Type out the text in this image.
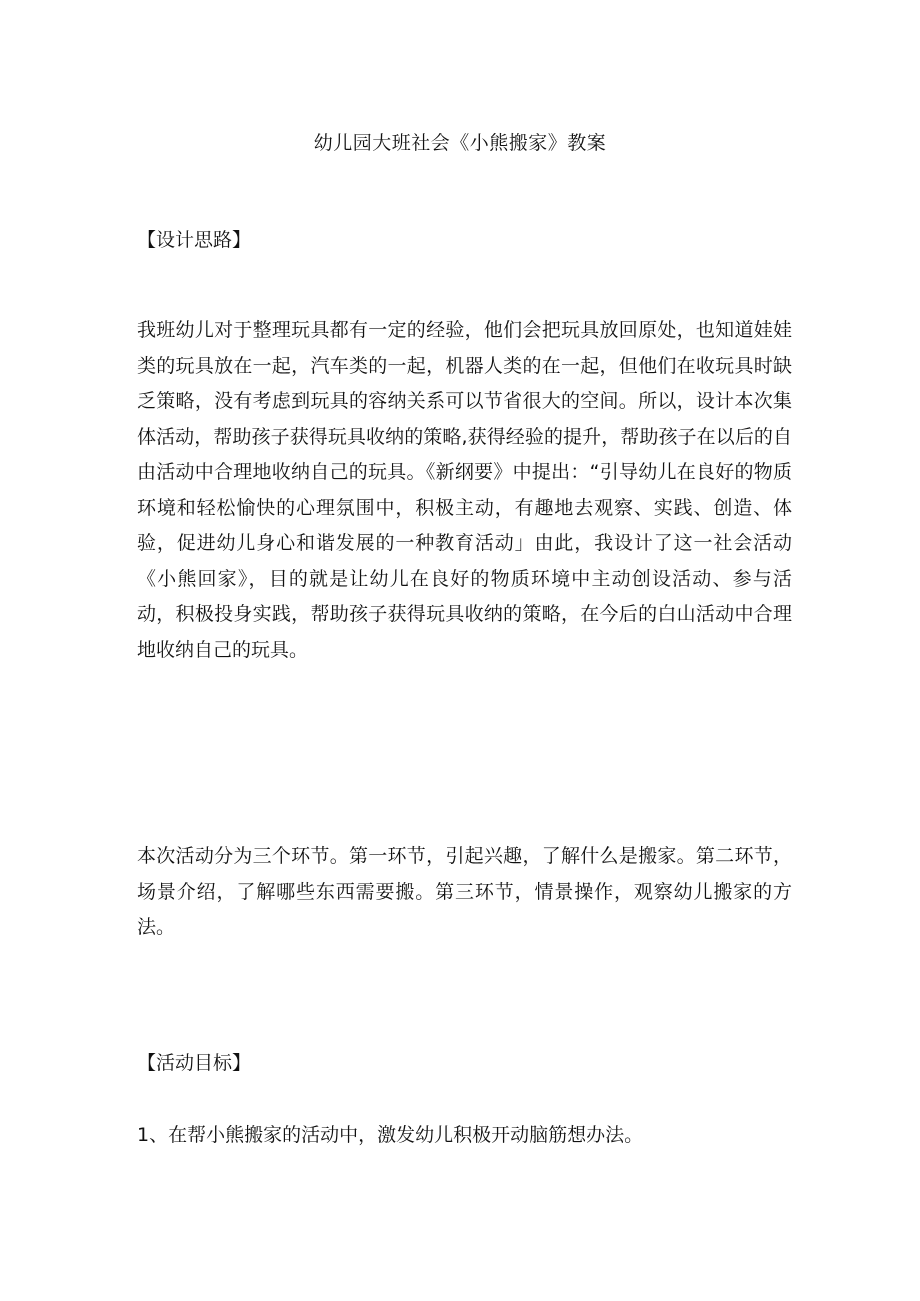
幼儿园大班社会《小熊搬家》教案
【设计思路】

我班幼儿对于整理玩具都有一定的经验，他们会把玩具放回原处，也知道娃娃类的玩具放在一起，汽车类的一起，机器人类的在一起，但他们在收玩具时缺乏策略，没有考虑到玩具的容纳关系可以节省很大的空间。所以，设计本次集体活动，帮助孩子获得玩具收纳的策略,获得经验的提升，帮助孩子在以后的自由活动中合理地收纳自己的玩具。《新纲要》中提出：“引导幼儿在良好的物质环境和轻松愉快的心理氛围中，积极主动，有趣地去观察、实践、创造、体验，促进幼儿身心和谐发展的一种教育活动」由此，我设计了这一社会活动《小熊回家》，目的就是让幼儿在良好的物质环境中主动创设活动、参与活动，积极投身实践，帮助孩子获得玩具收纳的策略，在今后的白山活动中合理地收纳自己的玩具。

本次活动分为三个环节。第一环节，引起兴趣，了解什么是搬家。第二环节，场景介绍，了解哪些东西需要搬。第三环节，情景操作，观察幼儿搬家的方法。

【活动目标】
1、在帮小熊搬家的活动中，激发幼儿积极开动脑筋想办法。
